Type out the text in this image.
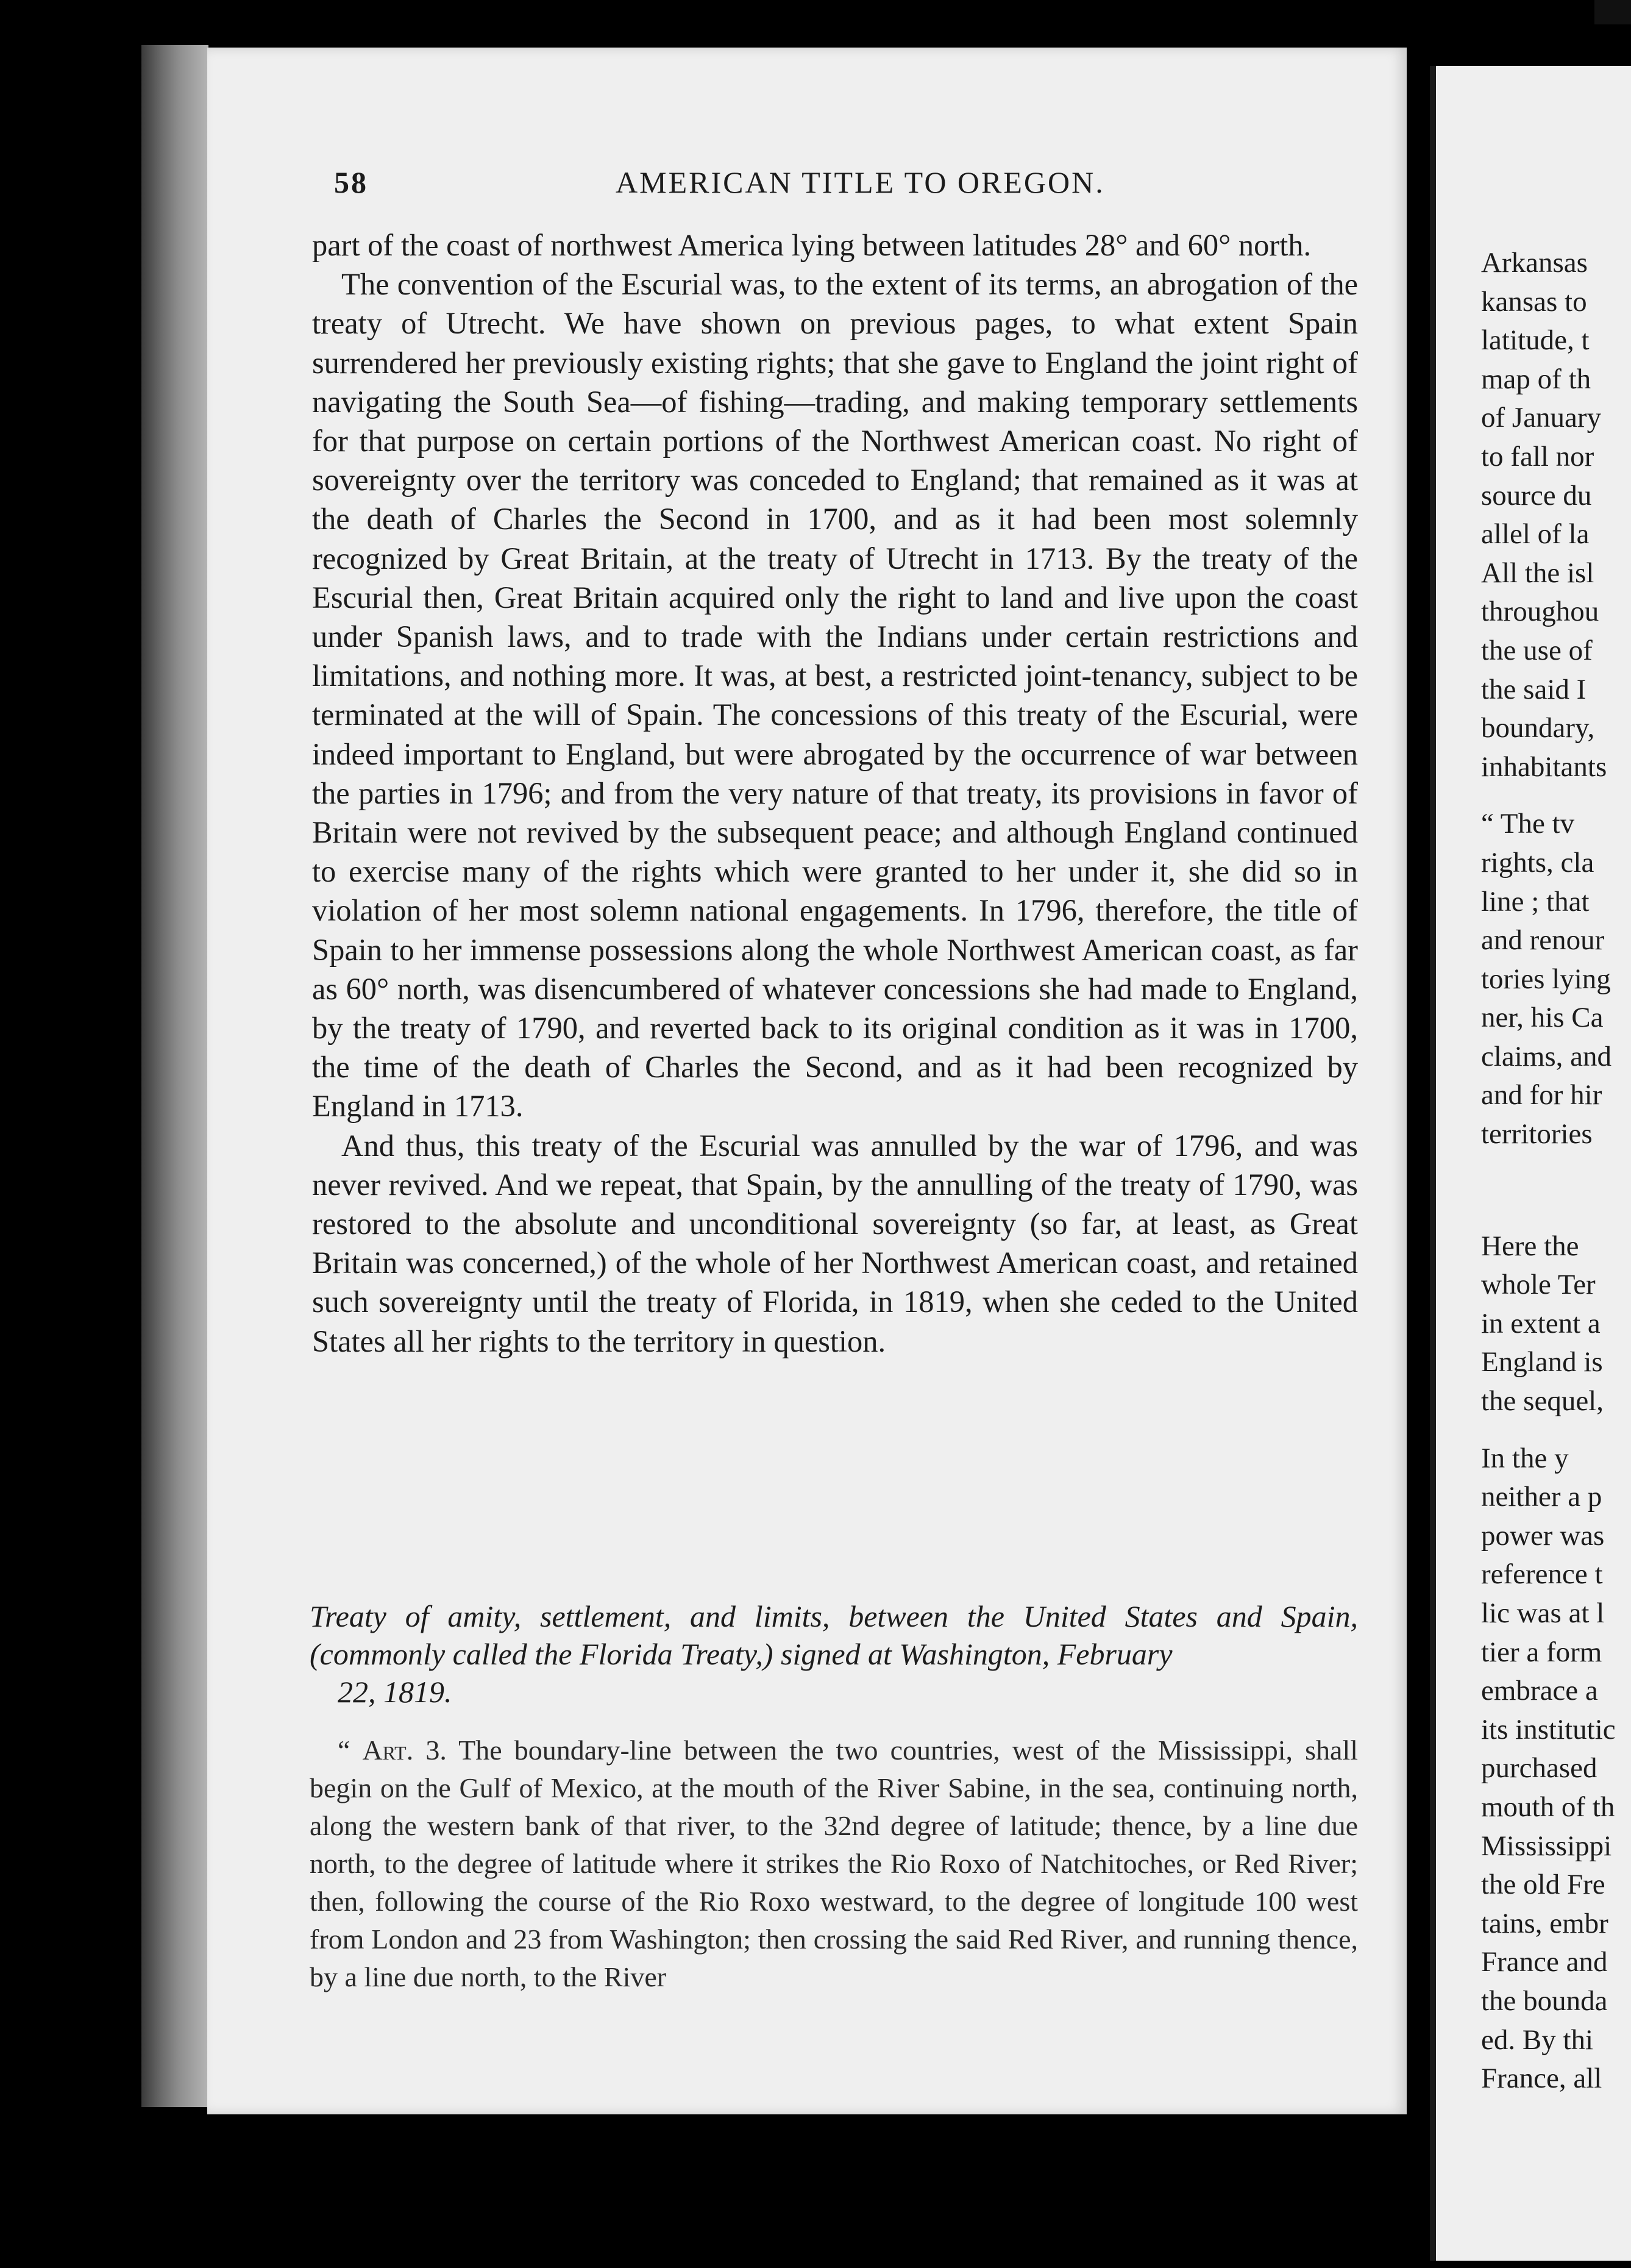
58	AMERICAN TITLE TO OREGON.

part of the coast of northwest America lying between latitudes 28° and 60° north.

The convention of the Escurial was, to the extent of its terms, an abrogation of the treaty of Utrecht. We have shown on previous pages, to what extent Spain surrendered her previously existing rights; that she gave to England the joint right of navigating the South Sea—of fishing—trading, and making temporary settlements for that purpose on certain portions of the Northwest American coast. No right of sovereignty over the territory was conceded to England; that remained as it was at the death of Charles the Second in 1700, and as it had been most solemnly recognized by Great Britain, at the treaty of Utrecht in 1713. By the treaty of the Escurial then, Great Britain acquired only the right to land and live upon the coast under Spanish laws, and to trade with the Indians under certain restrictions and limitations, and nothing more. It was, at best, a restricted joint-tenancy, subject to be terminated at the will of Spain. The concessions of this treaty of the Escurial, were indeed important to England, but were abrogated by the occurrence of war between the parties in 1796; and from the very nature of that treaty, its provisions in favor of Britain were not revived by the subsequent peace; and although England continued to exercise many of the rights which were granted to her under it, she did so in violation of her most solemn national engagements. In 1796, therefore, the title of Spain to her immense possessions along the whole Northwest American coast, as far as 60° north, was disencumbered of whatever concessions she had made to England, by the treaty of 1790, and reverted back to its original condition as it was in 1700, the time of the death of Charles the Second, and as it had been recognized by England in 1713.

And thus, this treaty of the Escurial was annulled by the war of 1796, and was never revived. And we repeat, that Spain, by the annulling of the treaty of 1790, was restored to the absolute and unconditional sovereignty (so far, at least, as Great Britain was concerned,) of the whole of her Northwest American coast, and retained such sovereignty until the treaty of Florida, in 1819, when she ceded to the United States all her rights to the territory in question.

Treaty of amity, settlement, and limits, between the United States and Spain, (commonly called the Florida Treaty,) signed at Washington, February
22, 1819.
“ Art. 3. The boundary-line between the two countries, west of the Mississippi, shall begin on the Gulf of Mexico, at the mouth of the River Sabine, in the sea, continuing north, along the western bank of that river, to the 32nd degree of latitude; thence, by a line due north, to the degree of latitude where it strikes the Rio Roxo of Natchitoches, or Red River; then, following the course of the Rio Roxo westward, to the degree of longitude 100 west from London and 23 from Washington; then crossing the said Red River, and running thence, by a line due north, to the River
Arkansas
kansas to
latitude, t
map of th
of January
to fall nor
source du
allel of la
All the isl
throughou
the use of
the said I
boundary,
inhabitants
“ The tv
rights, cla
line ; that
and renour
tories lying
ner, his Ca
claims, and
and for hir
territories
Here the
whole Ter
in extent a
England is
the sequel,
In the y
neither a p
power was
reference t
lic was at l
tier a form
embrace a
its institutic
purchased
mouth of th
Mississippi
the old Fre
tains, embr
France and
the bounda
ed. By thi
France, all
